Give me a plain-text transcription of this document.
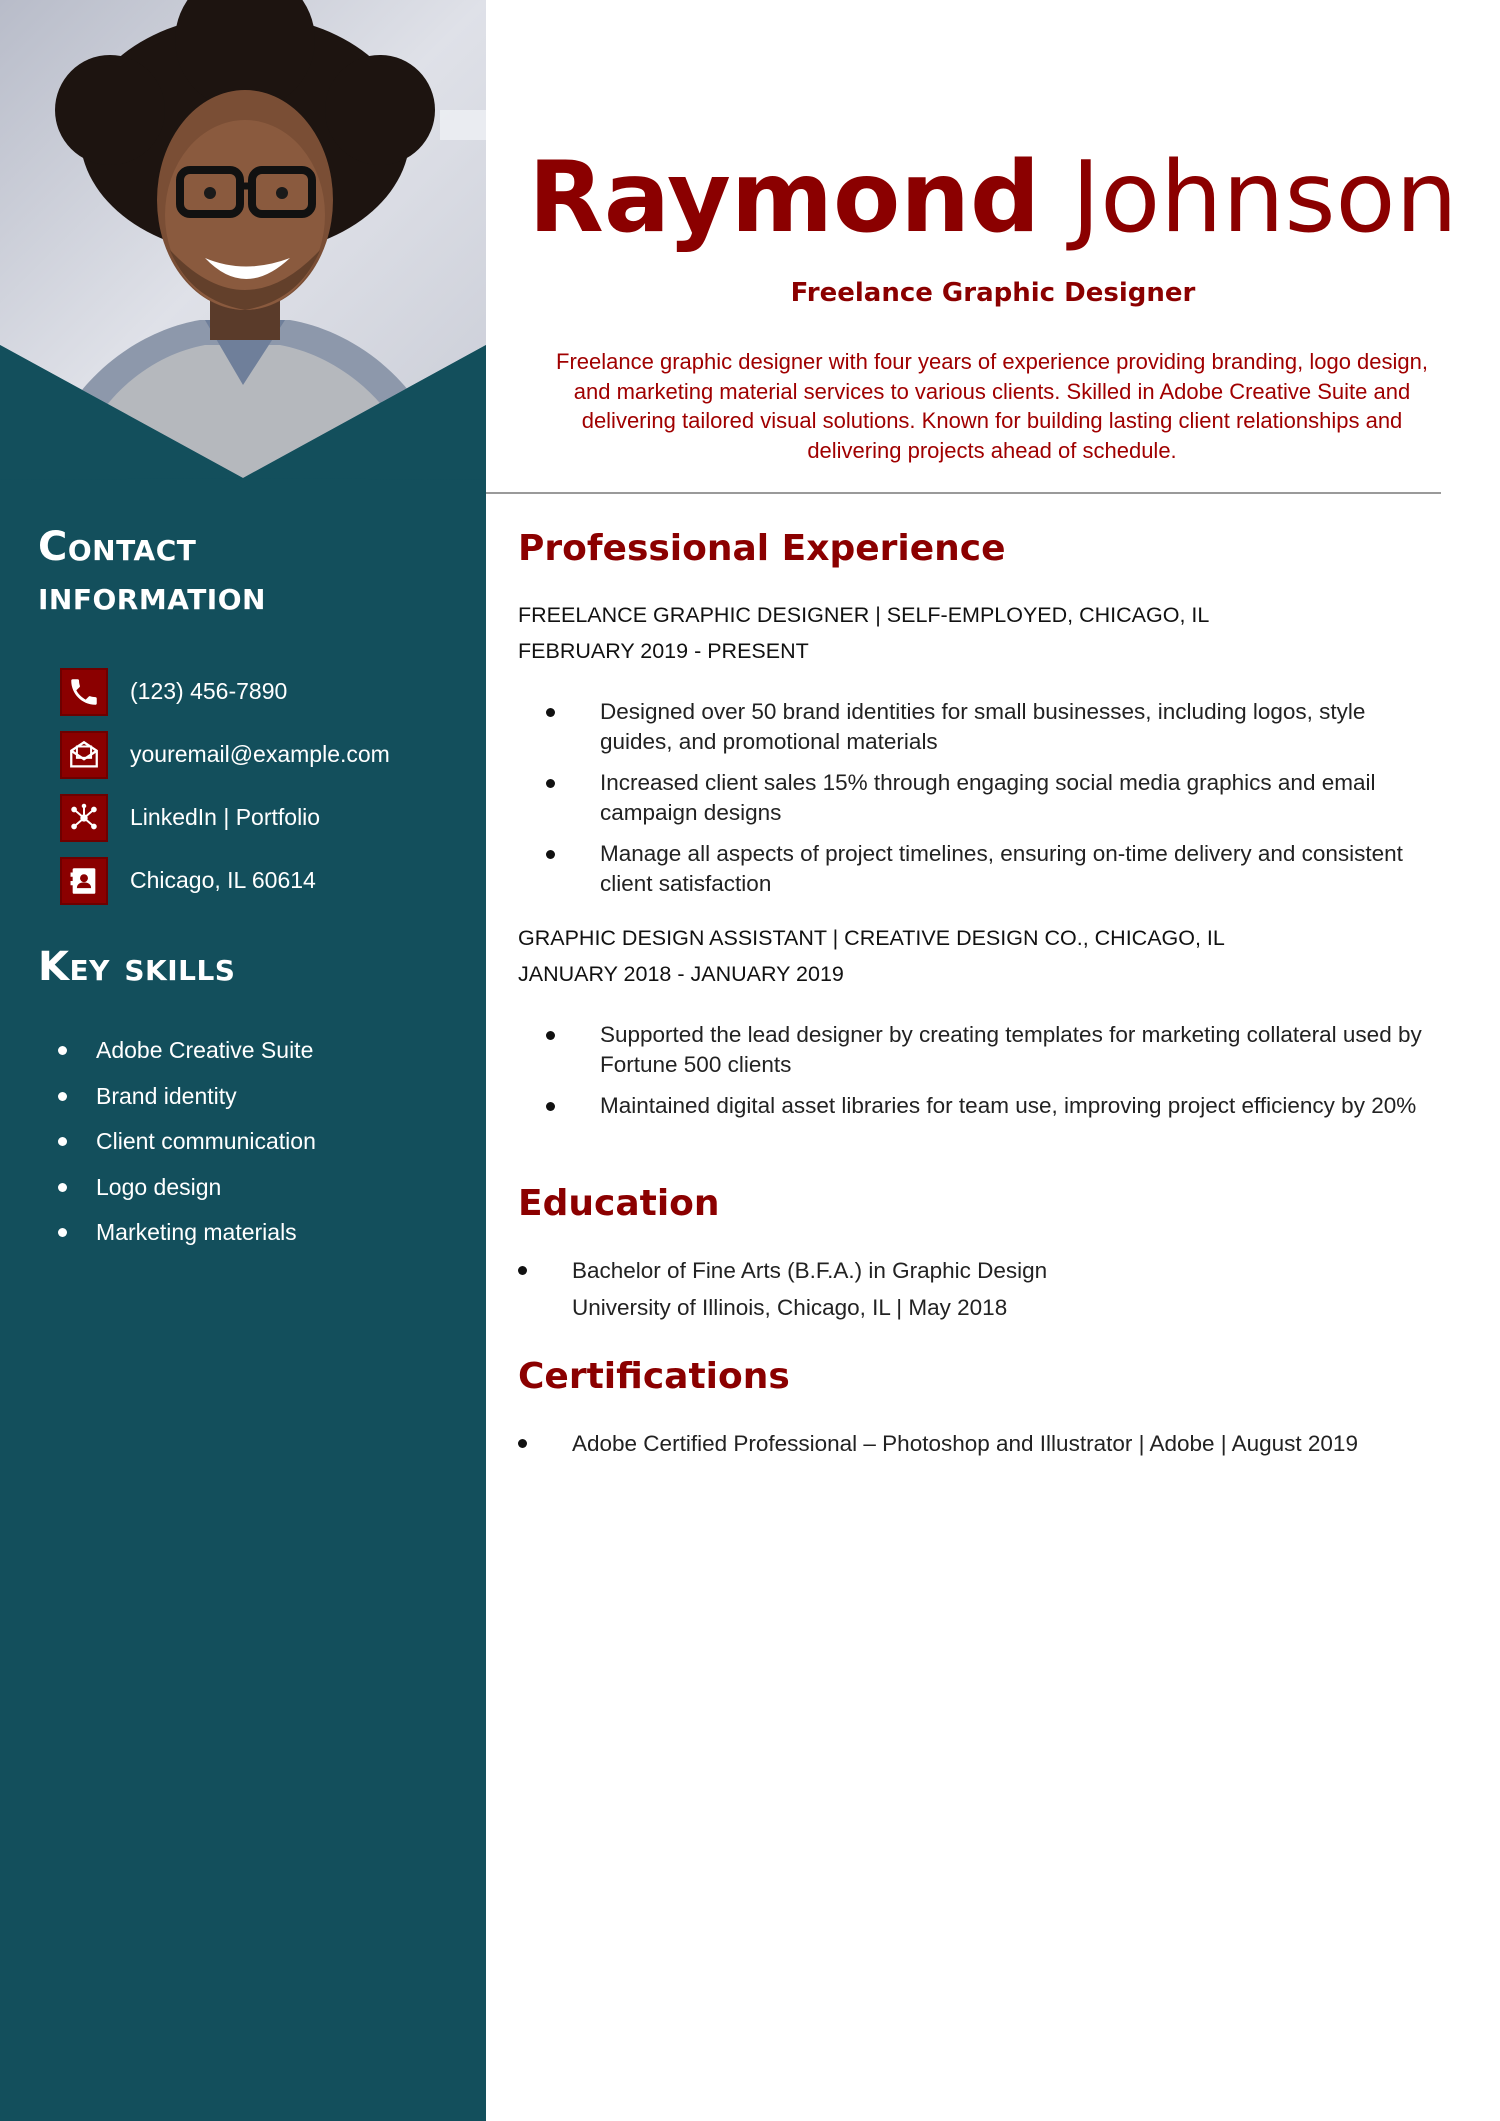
Contact
information
(123) 456-7890
youremail@example.com
LinkedIn | Portfolio
Chicago, IL 60614
Key skills
Adobe Creative Suite
Brand identity
Client communication
Logo design
Marketing materials
Raymond Johnson
Freelance Graphic Designer
Freelance graphic designer with four years of experience providing branding, logo design, and marketing material services to various clients. Skilled in Adobe Creative Suite and delivering tailored visual solutions. Known for building lasting client relationships and delivering projects ahead of schedule.
Professional Experience
FREELANCE GRAPHIC DESIGNER | SELF-EMPLOYED, CHICAGO, IL
FEBRUARY 2019 - PRESENT
Designed over 50 brand identities for small businesses, including logos, style guides, and promotional materials
Increased client sales 15% through engaging social media graphics and email campaign designs
Manage all aspects of project timelines, ensuring on-time delivery and consistent client satisfaction
GRAPHIC DESIGN ASSISTANT | CREATIVE DESIGN CO., CHICAGO, IL
JANUARY 2018 - JANUARY 2019
Supported the lead designer by creating templates for marketing collateral used by Fortune 500 clients
Maintained digital asset libraries for team use, improving project efficiency by 20%
Education
Bachelor of Fine Arts (B.F.A.) in Graphic Design
University of Illinois, Chicago, IL | May 2018
Certifications
Adobe Certified Professional – Photoshop and Illustrator | Adobe | August 2019
